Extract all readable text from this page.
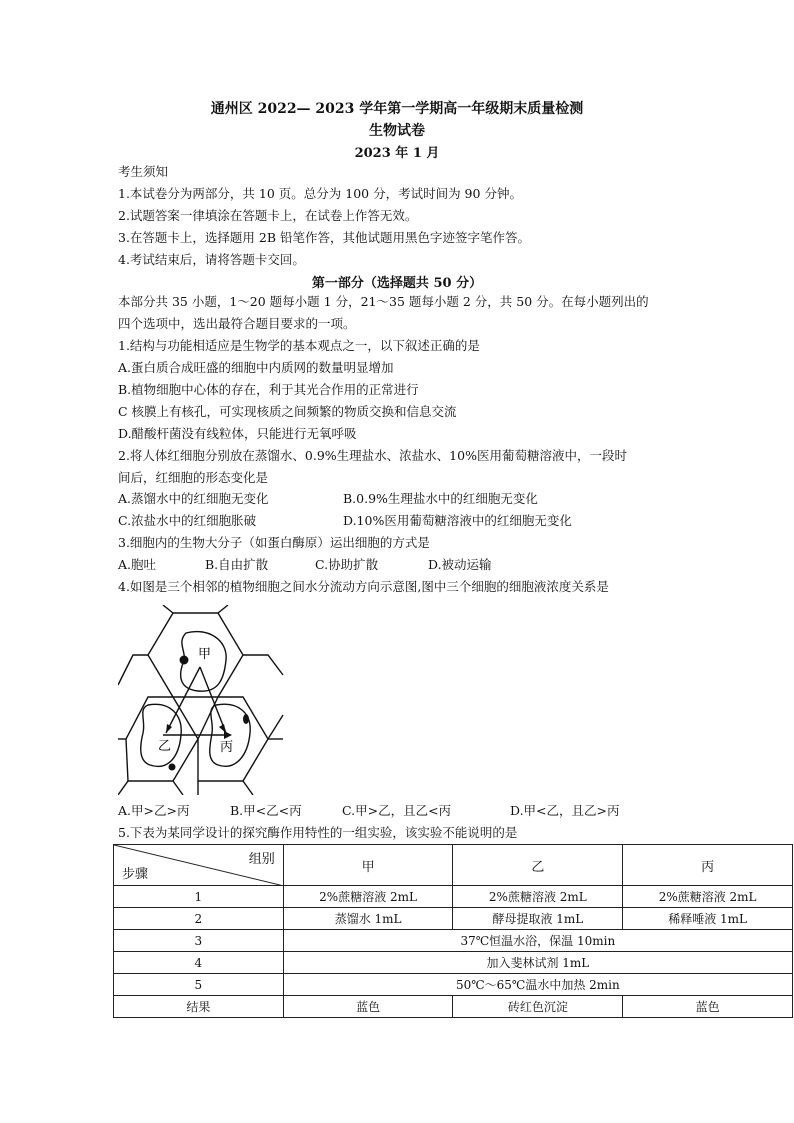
通州区 2022— 2023 学年第一学期高一年级期末质量检测
生物试卷
2023 年 1 月
考生须知
1.本试卷分为两部分，共 10 页。总分为 100 分，考试时间为 90 分钟。
2.试题答案一律填涂在答题卡上，在试卷上作答无效。
3.在答题卡上，选择题用 2B 铅笔作答，其他试题用黑色字迹签字笔作答。
4.考试结束后，请将答题卡交回。
第一部分（选择题共 50 分）
本部分共 35 小题，1～20 题每小题 1 分，21～35 题每小题 2 分，共 50 分。在每小题列出的
四个选项中，选出最符合题目要求的一项。
1.结构与功能相适应是生物学的基本观点之一，以下叙述正确的是
A.蛋白质合成旺盛的细胞中内质网的数量明显增加
B.植物细胞中心体的存在，利于其光合作用的正常进行
C 核膜上有核孔，可实现核质之间频繁的物质交换和信息交流
D.醋酸杆菌没有线粒体，只能进行无氧呼吸
2.将人体红细胞分别放在蒸馏水、0.9%生理盐水、浓盐水、10%医用葡萄糖溶液中，一段时
间后，红细胞的形态变化是
A.蒸馏水中的红细胞无变化	B.0.9%生理盐水中的红细胞无变化
C.浓盐水中的红细胞胀破	D.10%医用葡萄糖溶液中的红细胞无变化
3.细胞内的生物大分子（如蛋白酶原）运出细胞的方式是
A.胞吐	B.自由扩散	C.协助扩散	D.被动运输
4.如图是三个相邻的植物细胞之间水分流动方向示意图,图中三个细胞的细胞液浓度关系是
甲
乙	丙
A.甲>乙>丙	B.甲<乙<丙	C.甲>乙，且乙<丙	D.甲<乙，且乙>丙
5.下表为某同学设计的探究酶作用特性的一组实验，该实验不能说明的是
组别
步骤	甲	乙	丙
1	2%蔗糖溶液 2mL	2%蔗糖溶液 2mL	2%蔗糖溶液 2mL
2	蒸馏水 1mL	酵母提取液 1mL	稀释唾液 1mL
3	37℃恒温水浴，保温 10min		
4	加入斐林试剂 1mL		
5	50℃～65℃温水中加热 2min		
结果	蓝色	砖红色沉淀	蓝色
